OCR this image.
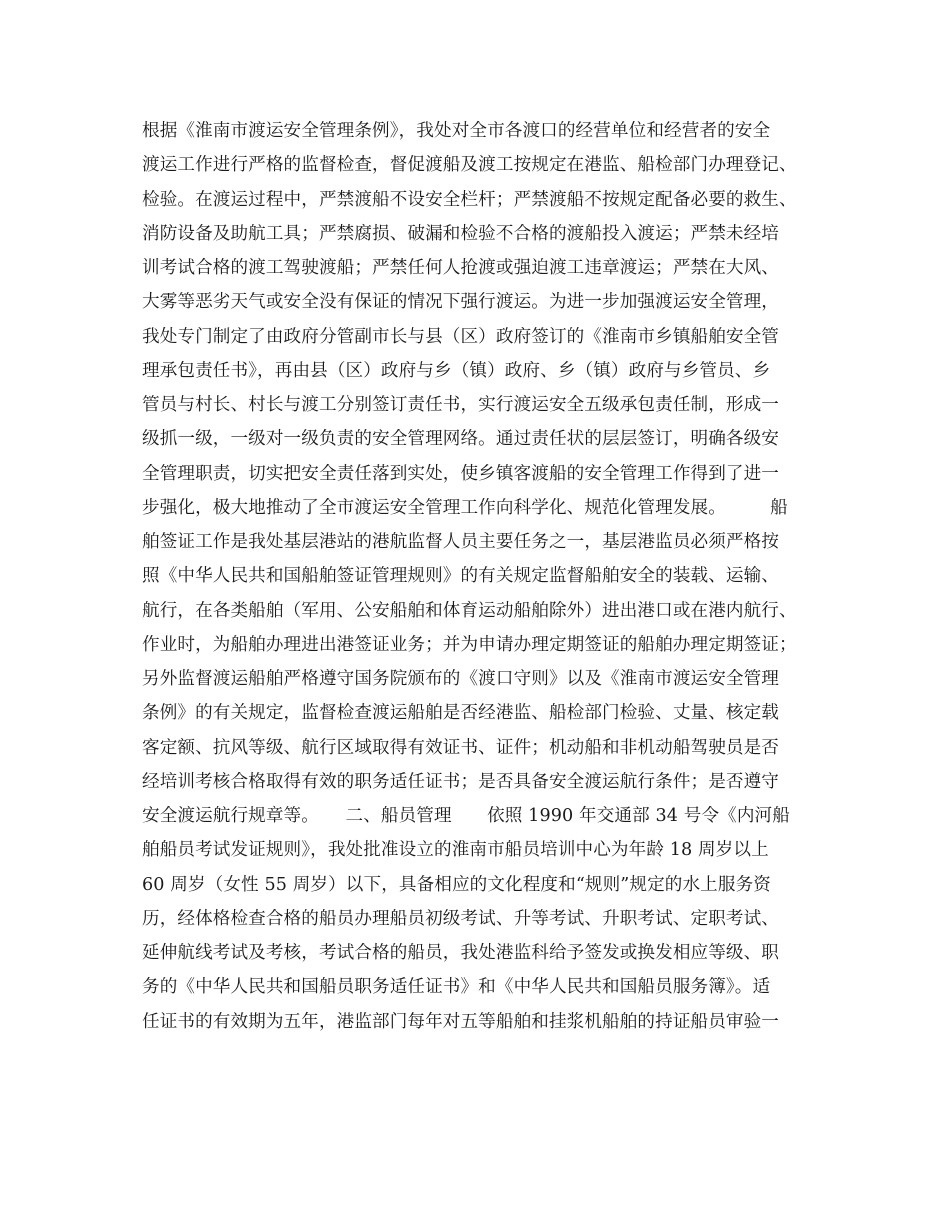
根据《淮南市渡运安全管理条例》，我处对全市各渡口的经营单位和经营者的安全
渡运工作进行严格的监督检查，督促渡船及渡工按规定在港监、船检部门办理登记、
检验。在渡运过程中，严禁渡船不设安全栏杆；严禁渡船不按规定配备必要的救生、
消防设备及助航工具；严禁腐损、破漏和检验不合格的渡船投入渡运；严禁未经培
训考试合格的渡工驾驶渡船；严禁任何人抢渡或强迫渡工违章渡运；严禁在大风、
大雾等恶劣天气或安全没有保证的情况下强行渡运。为进一步加强渡运安全管理，
我处专门制定了由政府分管副市长与县（区）政府签订的《淮南市乡镇船舶安全管
理承包责任书》，再由县（区）政府与乡（镇）政府、乡（镇）政府与乡管员、乡
管员与村长、村长与渡工分别签订责任书，实行渡运安全五级承包责任制，形成一
级抓一级，一级对一级负责的安全管理网络。通过责任状的层层签订，明确各级安
全管理职责，切实把安全责任落到实处，使乡镇客渡船的安全管理工作得到了进一
步强化，极大地推动了全市渡运安全管理工作向科学化、规范化管理发展。　　　船
舶签证工作是我处基层港站的港航监督人员主要任务之一，基层港监员必须严格按
照《中华人民共和国船舶签证管理规则》的有关规定监督船舶安全的装载、运输、
航行，在各类船舶（军用、公安船舶和体育运动船舶除外）进出港口或在港内航行、
作业时，为船舶办理进出港签证业务；并为申请办理定期签证的船舶办理定期签证；
另外监督渡运船舶严格遵守国务院颁布的《渡口守则》以及《淮南市渡运安全管理
条例》的有关规定，监督检查渡运船舶是否经港监、船检部门检验、丈量、核定载
客定额、抗风等级、航行区域取得有效证书、证件；机动船和非机动船驾驶员是否
经培训考核合格取得有效的职务适任证书；是否具备安全渡运航行条件；是否遵守
安全渡运航行规章等。　　二、船员管理　　依照 1990 年交通部 34 号令《内河船
舶船员考试发证规则》，我处批准设立的淮南市船员培训中心为年龄 18 周岁以上
60 周岁（女性 55 周岁）以下，具备相应的文化程度和“规则”规定的水上服务资
历，经体格检查合格的船员办理船员初级考试、升等考试、升职考试、定职考试、
延伸航线考试及考核，考试合格的船员，我处港监科给予签发或换发相应等级、职
务的《中华人民共和国船员职务适任证书》和《中华人民共和国船员服务簿》。适
任证书的有效期为五年，港监部门每年对五等船舶和挂浆机船舶的持证船员审验一
